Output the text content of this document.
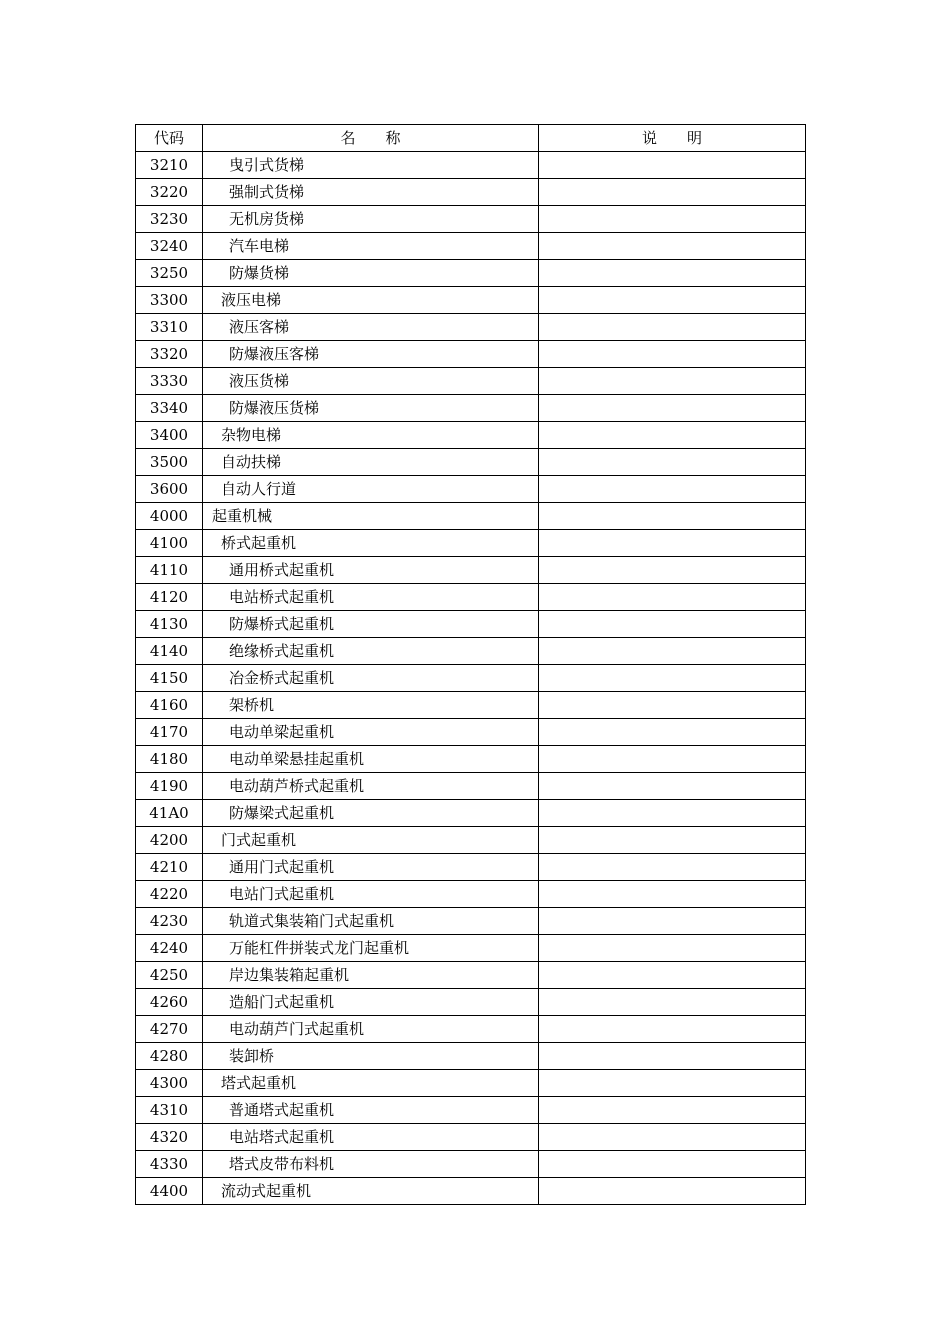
代码	名　　称	说　　明
3210	曳引式货梯	
3220	强制式货梯	
3230	无机房货梯	
3240	汽车电梯	
3250	防爆货梯	
3300	液压电梯	
3310	液压客梯	
3320	防爆液压客梯	
3330	液压货梯	
3340	防爆液压货梯	
3400	杂物电梯	
3500	自动扶梯	
3600	自动人行道	
4000	起重机械	
4100	桥式起重机	
4110	通用桥式起重机	
4120	电站桥式起重机	
4130	防爆桥式起重机	
4140	绝缘桥式起重机	
4150	冶金桥式起重机	
4160	架桥机	
4170	电动单梁起重机	
4180	电动单梁悬挂起重机	
4190	电动葫芦桥式起重机	
41A0	防爆梁式起重机	
4200	门式起重机	
4210	通用门式起重机	
4220	电站门式起重机	
4230	轨道式集装箱门式起重机	
4240	万能杠件拼装式龙门起重机	
4250	岸边集装箱起重机	
4260	造船门式起重机	
4270	电动葫芦门式起重机	
4280	装卸桥	
4300	塔式起重机	
4310	普通塔式起重机	
4320	电站塔式起重机	
4330	塔式皮带布料机	
4400	流动式起重机	
